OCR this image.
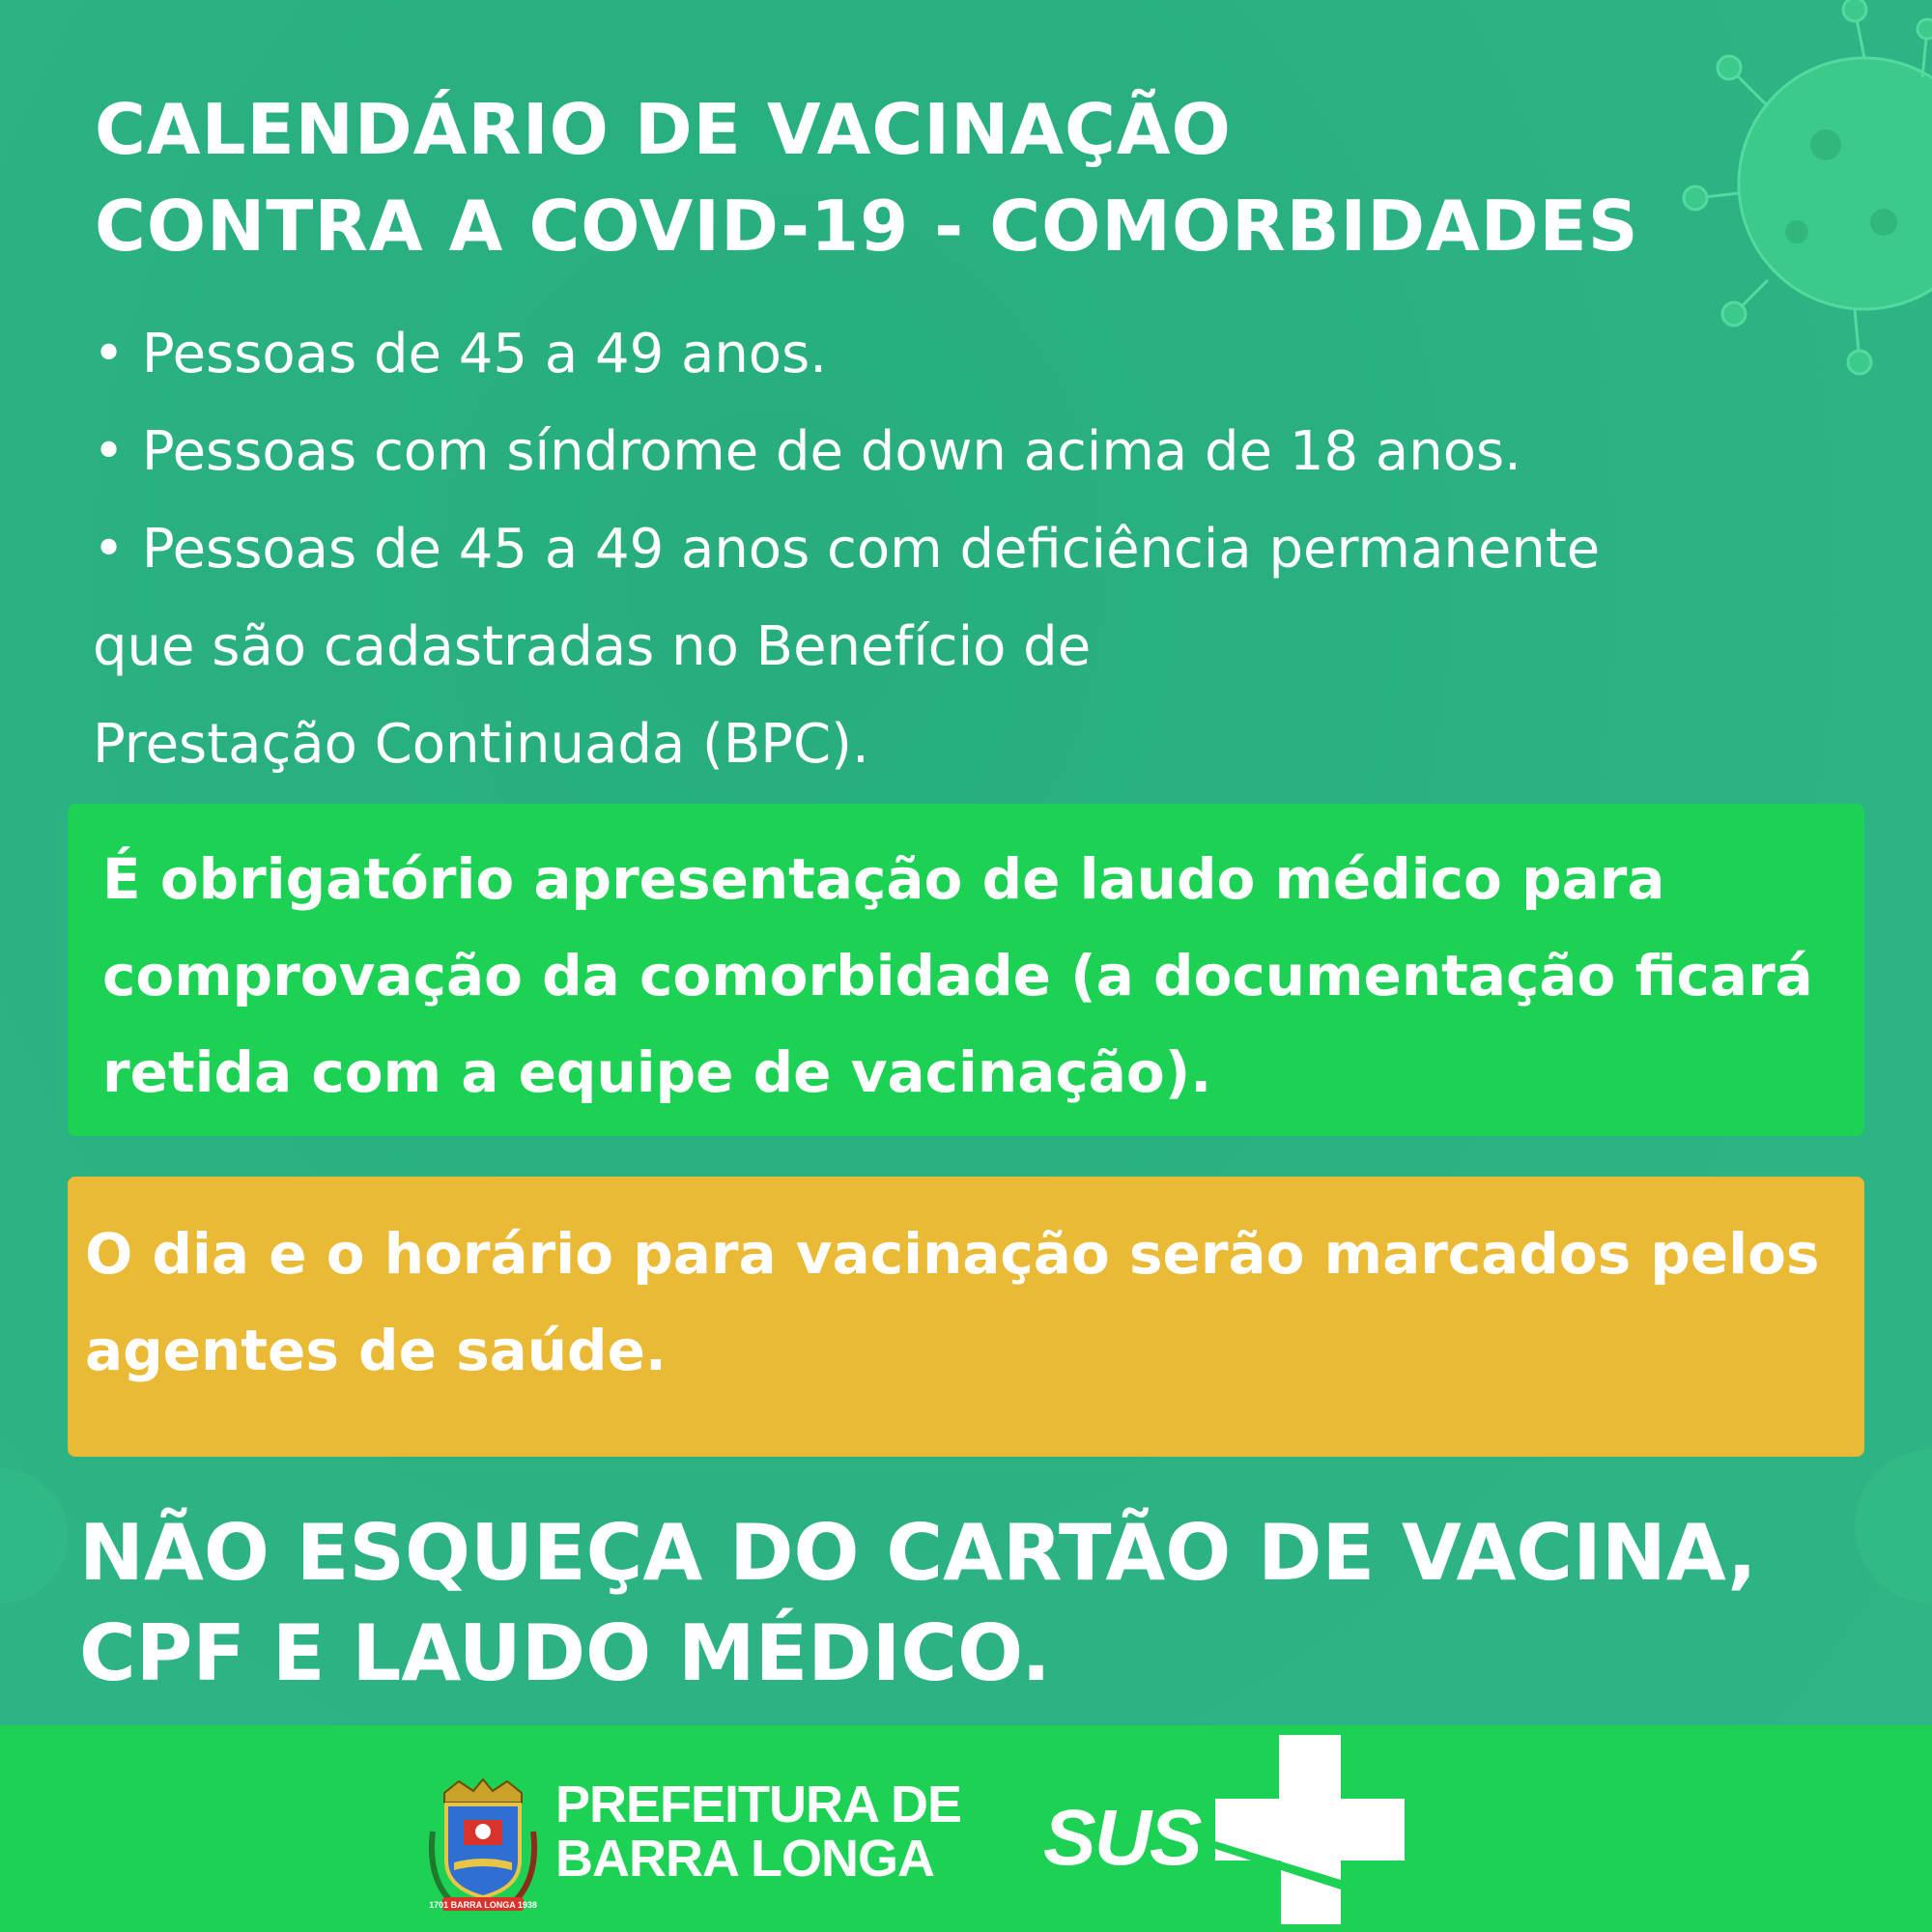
CALENDÁRIO DE VACINAÇÃO
CONTRA A COVID-19 - COMORBIDADES
• Pessoas de 45 a 49 anos.
• Pessoas com síndrome de down acima de 18 anos.
• Pessoas de 45 a 49 anos com deficiência permanente
que são cadastradas no Benefício de
Prestação Continuada (BPC).
É obrigatório apresentação de laudo médico para comprovação da comorbidade (a documentação ficará retida com a equipe de vacinação).
O dia e o horário para vacinação serão marcados pelos agentes de saúde.
NÃO ESQUEÇA DO CARTÃO DE VACINA,
CPF E LAUDO MÉDICO.
1701 BARRA LONGA 1938
PREFEITURA DE
BARRA LONGA	SUS
